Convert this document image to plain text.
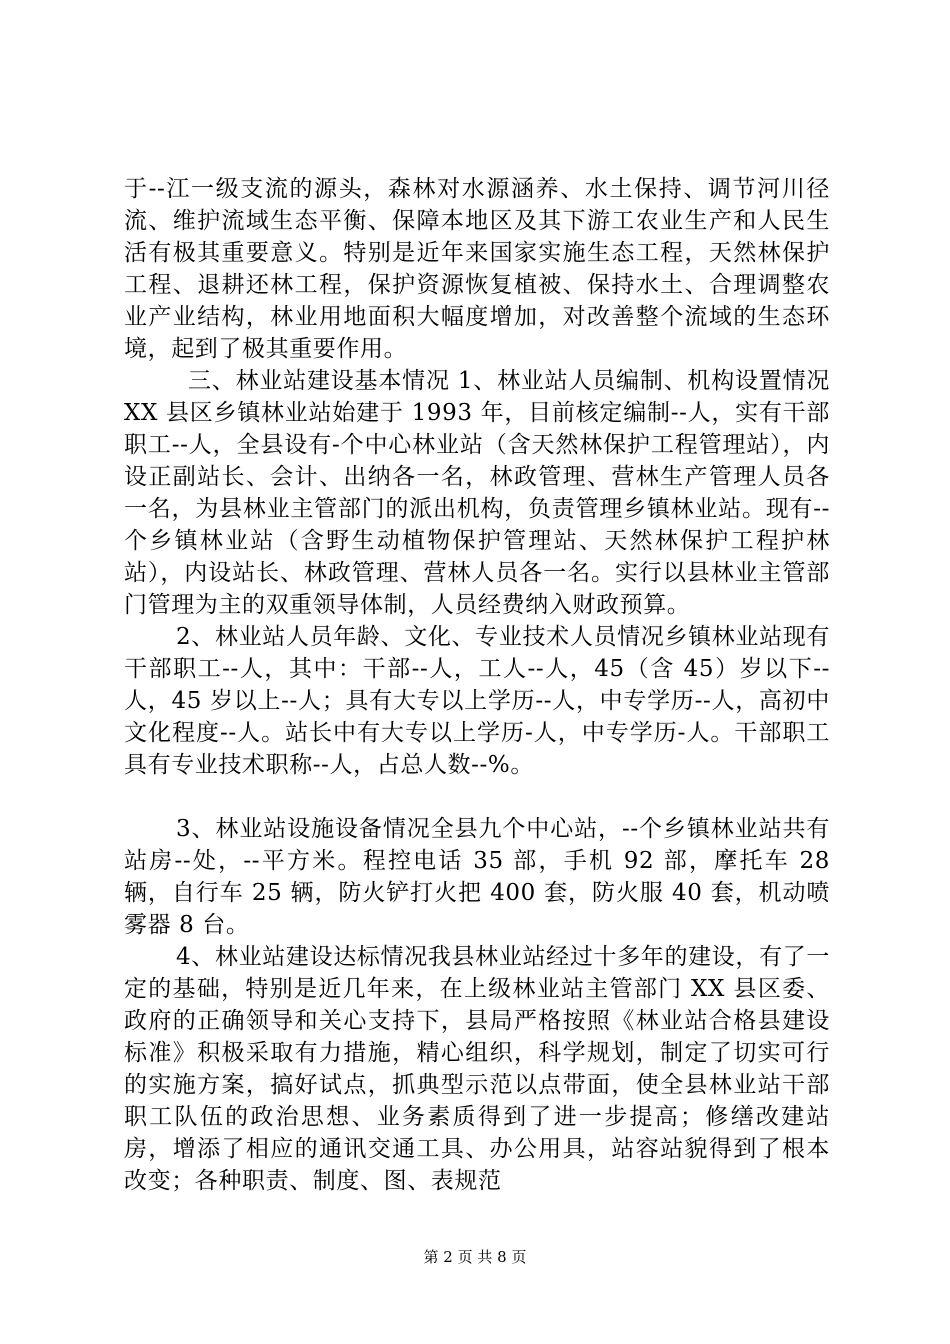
于--江一级支流的源头，森林对水源涵养、水土保持、调节河川径流、维护流域生态平衡、保障本地区及其下游工农业生产和人民生活有极其重要意义。特别是近年来国家实施生态工程，天然林保护工程、退耕还林工程，保护资源恢复植被、保持水土、合理调整农业产业结构，林业用地面积大幅度增加，对改善整个流域的生态环境，起到了极其重要作用。

三、林业站建设基本情况 1、林业站人员编制、机构设置情况 XX 县区乡镇林业站始建于 1993 年，目前核定编制--人，实有干部职工--人，全县设有-个中心林业站（含天然林保护工程管理站），内设正副站长、会计、出纳各一名，林政管理、营林生产管理人员各一名，为县林业主管部门的派出机构，负责管理乡镇林业站。现有--个乡镇林业站（含野生动植物保护管理站、天然林保护工程护林站），内设站长、林政管理、营林人员各一名。实行以县林业主管部门管理为主的双重领导体制，人员经费纳入财政预算。

2、林业站人员年龄、文化、专业技术人员情况乡镇林业站现有干部职工--人，其中：干部--人，工人--人，45（含 45）岁以下--人，45 岁以上--人；具有大专以上学历--人，中专学历--人，高初中文化程度--人。站长中有大专以上学历-人，中专学历-人。干部职工具有专业技术职称--人，占总人数--%。

3、林业站设施设备情况全县九个中心站，--个乡镇林业站共有站房--处，--平方米。程控电话 35 部，手机 92 部，摩托车 28 辆，自行车 25 辆，防火铲打火把 400 套，防火服 40 套，机动喷雾器 8 台。

4、林业站建设达标情况我县林业站经过十多年的建设，有了一定的基础，特别是近几年来，在上级林业站主管部门 XX 县区委、政府的正确领导和关心支持下，县局严格按照《林业站合格县建设标准》积极采取有力措施，精心组织，科学规划，制定了切实可行的实施方案，搞好试点，抓典型示范以点带面，使全县林业站干部职工队伍的政治思想、业务素质得到了进一步提高；修缮改建站房，增添了相应的通讯交通工具、办公用具，站容站貌得到了根本改变；各种职责、制度、图、表规范

第 2 页 共 8 页
